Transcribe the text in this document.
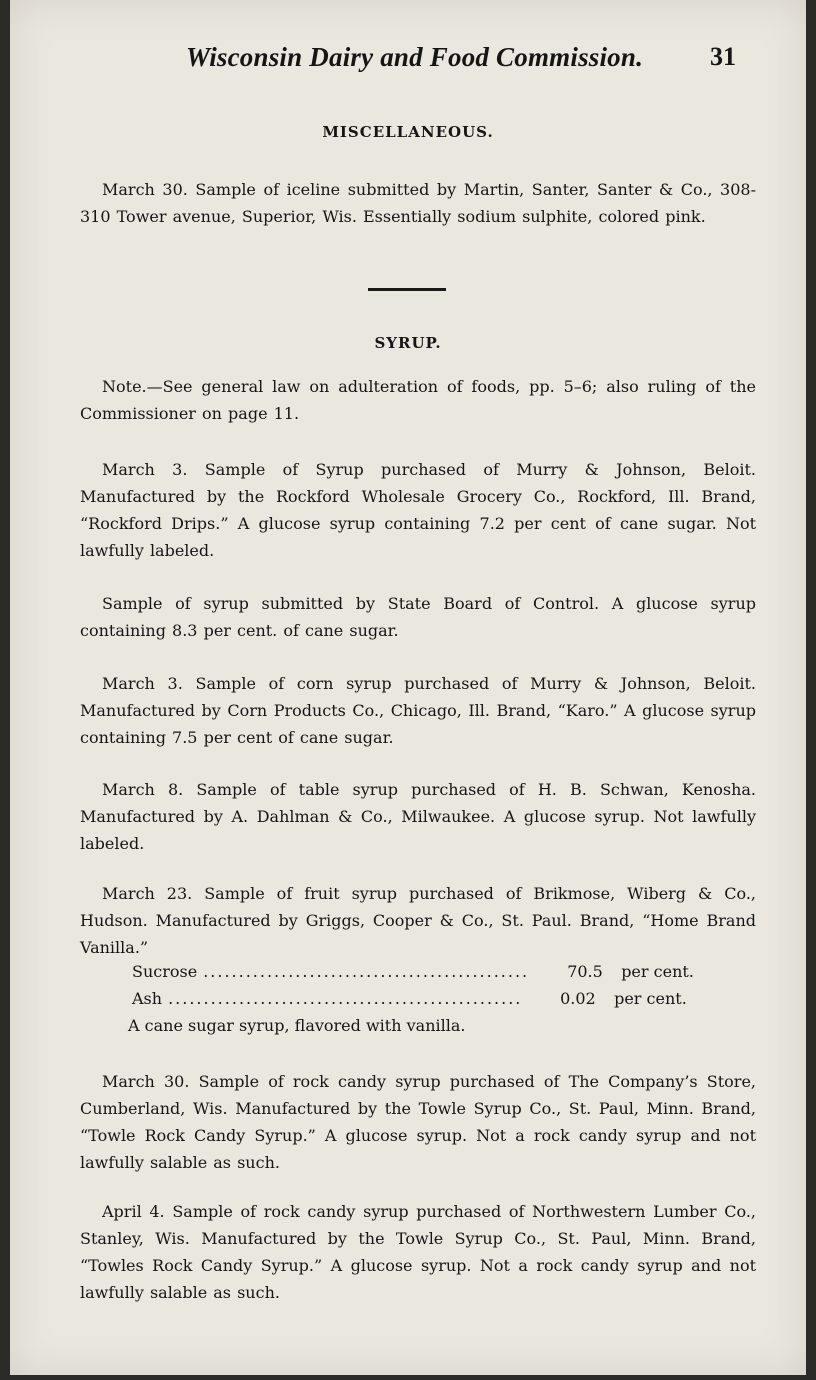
Wisconsin Dairy and Food Commission.	31
MISCELLANEOUS.
March 30. Sample of iceline submitted by Martin, Santer, Santer & Co., 308-310 Tower avenue, Superior, Wis. Essentially sodium sulphite, colored pink.
SYRUP.
Note.—See general law on adulteration of foods, pp. 5–6; also ruling of the Commissioner on page 11.
March 3. Sample of Syrup purchased of Murry & Johnson, Beloit. Manufactured by the Rockford Wholesale Grocery Co., Rockford, Ill. Brand, “Rockford Drips.” A glucose syrup containing 7.2 per cent of cane sugar. Not lawfully labeled.
Sample of syrup submitted by State Board of Control. A glucose syrup containing 8.3 per cent. of cane sugar.
March 3. Sample of corn syrup purchased of Murry & Johnson, Beloit. Manufactured by Corn Products Co., Chicago, Ill. Brand, “Karo.” A glucose syrup containing 7.5 per cent of cane sugar.
March 8. Sample of table syrup purchased of H. B. Schwan, Kenosha. Manufactured by A. Dahlman & Co., Milwaukee. A glucose syrup. Not lawfully labeled.
March 23. Sample of fruit syrup purchased of Brikmose, Wiberg & Co., Hudson. Manufactured by Griggs, Cooper & Co., St. Paul. Brand, “Home Brand Vanilla.”
Sucrose ..............................................	70.5	per cent.
Ash ..................................................	0.02	per cent.
A cane sugar syrup, flavored with vanilla.
March 30. Sample of rock candy syrup purchased of The Company’s Store, Cumberland, Wis. Manufactured by the Towle Syrup Co., St. Paul, Minn. Brand, “Towle Rock Candy Syrup.” A glucose syrup. Not a rock candy syrup and not lawfully salable as such.
April 4. Sample of rock candy syrup purchased of Northwestern Lumber Co., Stanley, Wis. Manufactured by the Towle Syrup Co., St. Paul, Minn. Brand, “Towles Rock Candy Syrup.” A glucose syrup. Not a rock candy syrup and not lawfully salable as such.
